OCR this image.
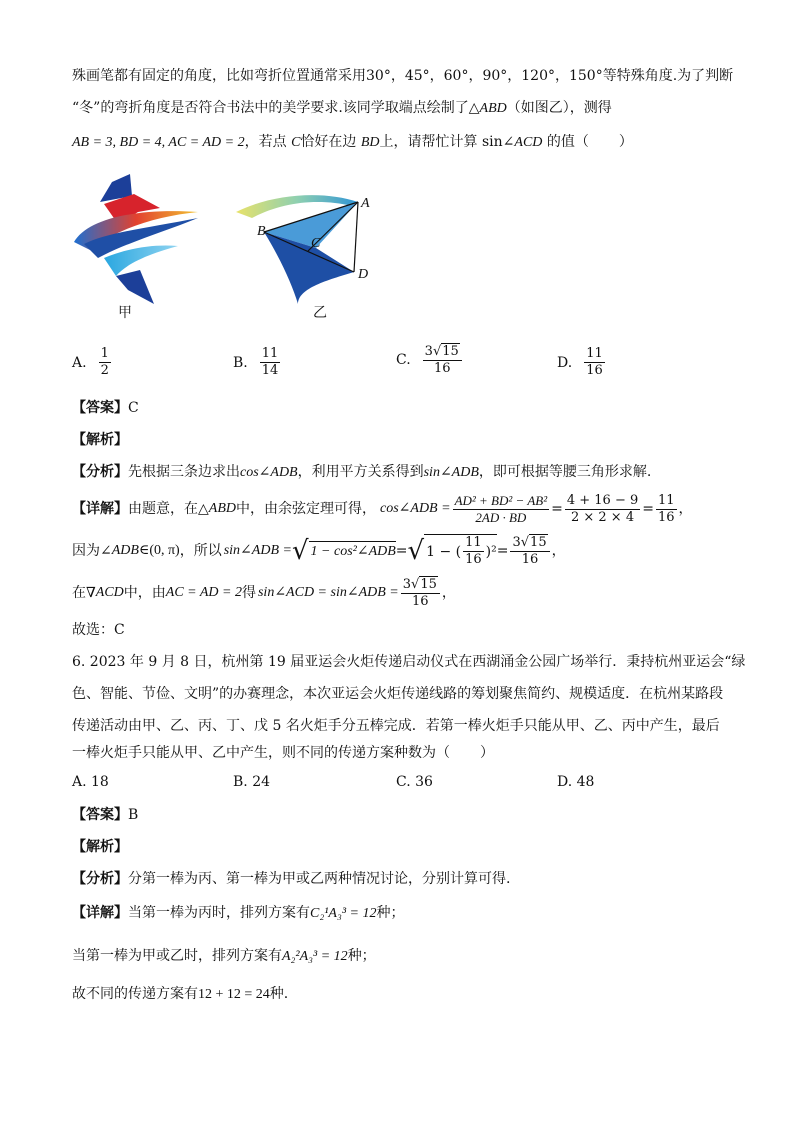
殊画笔都有固定的角度，比如弯折位置通常采用30°，45°，60°，90°，120°，150°等特殊角度.为了判断
“冬”的弯折角度是否符合书法中的美学要求.该同学取端点绘制了△ABD（如图乙），测得
AB = 3, BD = 4, AC = AD = 2，若点 C恰好在边 BD上，请帮忙计算 sin∠ACD 的值（ ）
A
B
C
D
甲	乙
A. $\frac{1}{2}$	B. $\frac{11}{14}$	C. $\frac{3√15}{16}$	D. $\frac{11}{16}$
【答案】C
【解析】
【分析】先根据三条边求出cos∠ADB，利用平方关系得到sin∠ADB，即可根据等腰三角形求解.
【详解】 由题意，在△ ABD 中，由余弦定理可得， cos∠ADB = $\frac{\text{AD² + BD² − AB²}}{2AD \cdot BD} = \frac{4 + 16 - 9}{2 \times 2 \times 4} = \frac{11}{16}$ ，
因为∠ ADB ∈(0, π) ，所以 sin∠ADB = √ 1 − cos²∠ADB = √ 1 − ( $\frac{11}{16} )^2 = \frac{3√15}{16}$ ，
在∇ ACD 中，由 AC = AD = 2 得 sin∠ACD = sin∠ADB = $\frac{3√15}{16}$ ，
故选：C
6. 2023 年 9 月 8 日，杭州第 19 届亚运会火炬传递启动仪式在西湖涌金公园广场举行．秉持杭州亚运会“绿
色、智能、节俭、文明”的办赛理念，本次亚运会火炬传递线路的筹划聚焦简约、规模适度．在杭州某路段
传递活动由甲、乙、丙、丁、戊 5 名火炬手分五棒完成．若第一棒火炬手只能从甲、乙、丙中产生，最后
一棒火炬手只能从甲、乙中产生，则不同的传递方案种数为（ ）
A. 18	B. 24	C. 36	D. 48
【答案】B
【解析】
【分析】分第一棒为丙、第一棒为甲或乙两种情况讨论，分别计算可得.
【详解】当第一棒为丙时，排列方案有C₂¹A₃³ = 12种；
当第一棒为甲或乙时，排列方案有A₂²A₃³ = 12种；
故不同的传递方案有12 + 12 = 24种.
